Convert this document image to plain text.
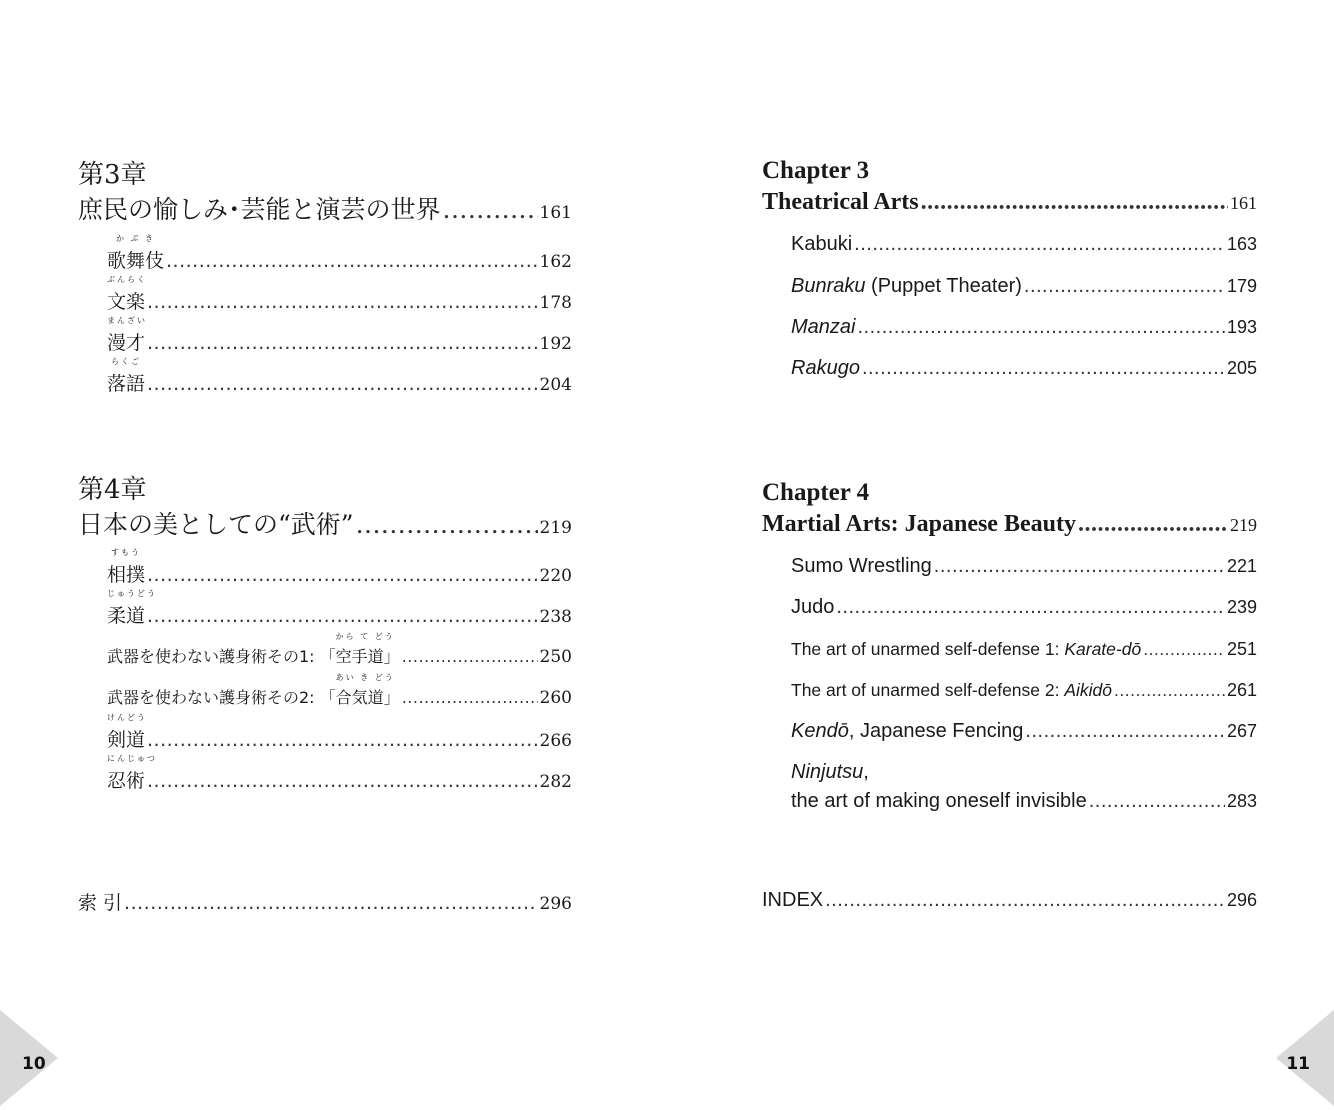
第3章
庶民の愉しみ･芸能と演芸の世界 .....	161
か ぶ き
歌舞伎 .....	162
ぶんらく
文楽 .....	178
まんざい
漫才 .....	192
らくご
落語 .....	204
第4章
日本の美としての“武術” .....	219
すもう
相撲 .....	220
じゅうどう
柔道 .....	238
武器を使わない護身術その1: 「
から て どう
空手道」 .....	250
武器を使わない護身術その2: 「
あい き どう
合気道」 .....	260
けんどう
剣道 .....	266
にんじゅつ
忍術 .....	282
索 引 .....	296
10
Chapter 3
Theatrical Arts .....	161
Kabuki .....	163
Bunraku (Puppet Theater) .....	179
Manzai .....	193
Rakugo .....	205
Chapter 4
Martial Arts: Japanese Beauty .....	219
Sumo Wrestling .....	221
Judo .....	239
The art of unarmed self-defense 1: Karate-dō .....	251
The art of unarmed self-defense 2: Aikidō .....	261
Kendō, Japanese Fencing .....	267
Ninjutsu,
the art of making oneself invisible .....	283
INDEX .....	296
11
